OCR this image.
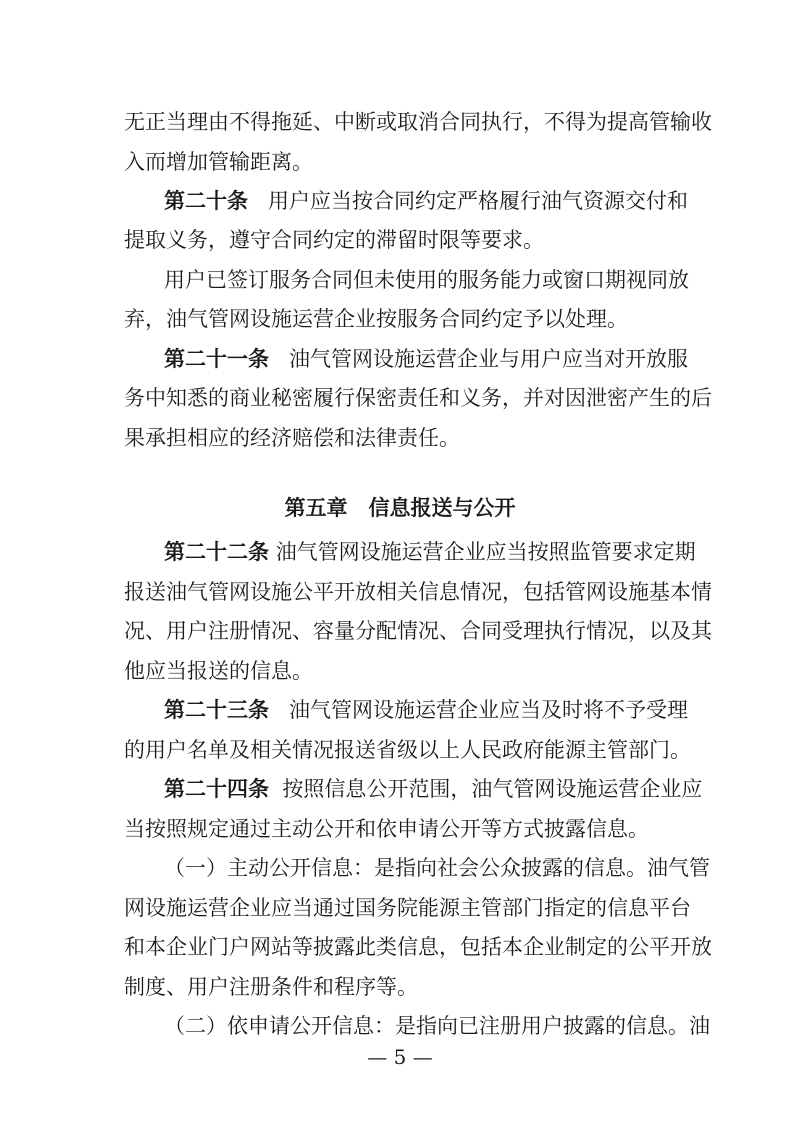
无正当理由不得拖延、中断或取消合同执行，不得为提高管输收
入而增加管输距离。
第二十条 用户应当按合同约定严格履行油气资源交付和
提取义务，遵守合同约定的滞留时限等要求。
用户已签订服务合同但未使用的服务能力或窗口期视同放
弃，油气管网设施运营企业按服务合同约定予以处理。
第二十一条 油气管网设施运营企业与用户应当对开放服
务中知悉的商业秘密履行保密责任和义务，并对因泄密产生的后
果承担相应的经济赔偿和法律责任。
第五章　信息报送与公开
第二十二条 油气管网设施运营企业应当按照监管要求定期
报送油气管网设施公平开放相关信息情况，包括管网设施基本情
况、用户注册情况、容量分配情况、合同受理执行情况，以及其
他应当报送的信息。
第二十三条 油气管网设施运营企业应当及时将不予受理
的用户名单及相关情况报送省级以上人民政府能源主管部门。
第二十四条 按照信息公开范围，油气管网设施运营企业应
当按照规定通过主动公开和依申请公开等方式披露信息。
（一）主动公开信息：是指向社会公众披露的信息。油气管
网设施运营企业应当通过国务院能源主管部门指定的信息平台
和本企业门户网站等披露此类信息，包括本企业制定的公平开放
制度、用户注册条件和程序等。
（二）依申请公开信息：是指向已注册用户披露的信息。油
— 5 —
